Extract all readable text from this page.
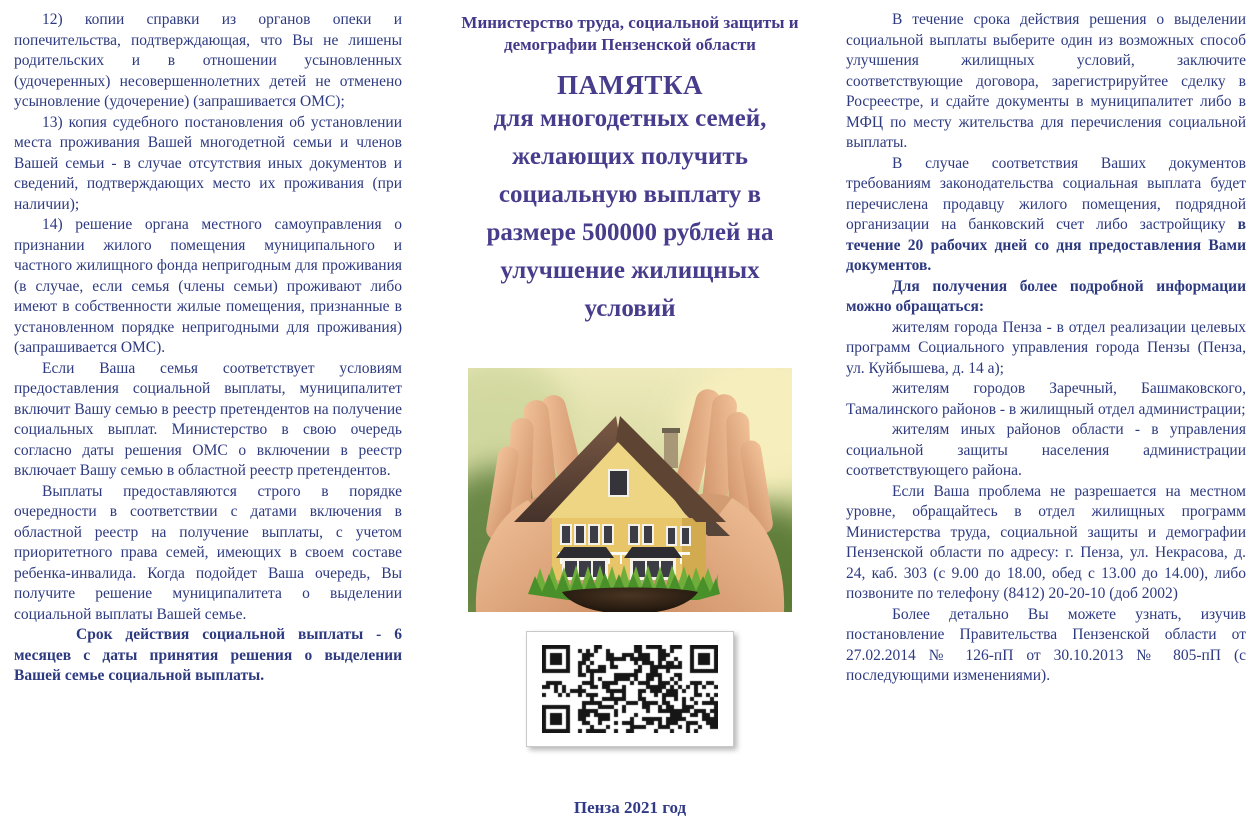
12) копии справки из органов опеки и попечительства, подтверждающая, что Вы не лишены родительских и в отношении усыновленных (удочеренных) несовершеннолетних детей не отменено усыновление (удочерение) (запрашивается ОМС);

13) копия судебного постановления об установлении места проживания Вашей многодетной семьи и членов Вашей семьи - в случае отсутствия иных документов и сведений, подтверждающих место их проживания (при наличии);

14) решение органа местного самоуправления о признании жилого помещения муниципального и частного жилищного фонда непригодным для проживания (в случае, если семья (члены семьи) проживают либо имеют в собственности жилые помещения, признанные в установленном порядке непригодными для проживания) (запрашивается ОМС).

Если Ваша семья соответствует условиям предоставления социальной выплаты, муниципалитет включит Вашу семью в реестр претендентов на получение социальных выплат. Министерство в свою очередь согласно даты решения ОМС о включении в реестр включает Вашу семью в областной реестр претендентов.

Выплаты предоставляются строго в порядке очередности в соответствии с датами включения в областной реестр на получение выплаты, с учетом приоритетного права семей, имеющих в своем составе ребенка-инвалида. Когда подойдет Ваша очередь, Вы получите решение муниципалитета о выделении социальной выплаты Вашей семье.

Срок действия социальной выплаты - 6 месяцев с даты принятия решения о выделении Вашей семье социальной выплаты.

Министерство труда, социальной защиты и демографии Пензенской области
ПАМЯТКА
для многодетных семей, желающих получить социальную выплату в размере 500000 рублей на улучшение жилищных условий
Пенза 2021 год

В течение срока действия решения о выделении социальной выплаты выберите один из возможных способ улучшения жилищных условий, заключите соответствующие договора, зарегистрируйтее сделку в Росреестре, и сдайте документы в муниципалитет либо в МФЦ по месту жительства для перечисления социальной выплаты.

В случае соответствия Ваших документов требованиям законодательства социальная выплата будет перечислена продавцу жилого помещения, подрядной организации на банковский счет либо застройщику в течение 20 рабочих дней со дня предоставления Вами документов.

Для получения более подробной информации можно обращаться:

жителям города Пенза - в отдел реализации целевых программ Социального управления города Пензы (Пенза, ул. Куйбышева, д. 14 а);

жителям городов Заречный, Башмаковского, Тамалинского районов - в жилищный отдел администрации;

жителям иных районов области - в управления социальной защиты населения администрации соответствующего района.

Если Ваша проблема не разрешается на местном уровне, обращайтесь в отдел жилищных программ Министерства труда, социальной защиты и демографии Пензенской области по адресу: г. Пенза, ул. Некрасова, д. 24, каб. 303 (с 9.00 до 18.00, обед с 13.00 до 14.00), либо позвоните по телефону (8412) 20-20-10 (доб 2002)

Более детально Вы можете узнать, изучив постановление Правительства Пензенской области от 27.02.2014 № 126-пП от 30.10.2013 № 805-пП (с последующими изменениями).
